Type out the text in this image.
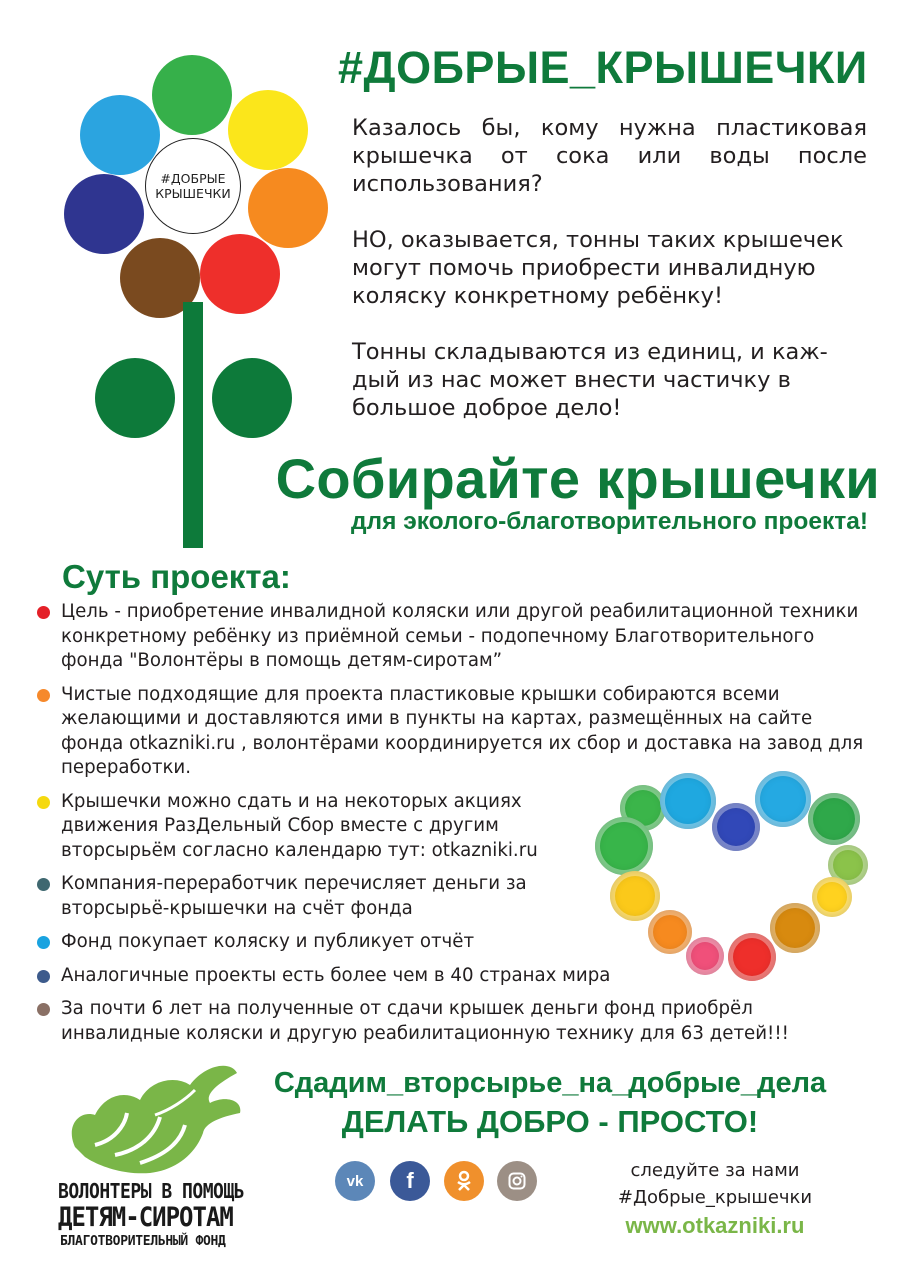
#ДОБРЫЕ
КРЫШЕЧКИ
#ДОБРЫЕ_КРЫШЕЧКИ

Казалось бы, кому нужна пластиковая крышечка от сока или воды после использования?

НО, оказывается, тонны таких крышечек могут помочь приобрести инвалидную коляску конкретному ребёнку!

Тонны складываются из единиц, и каж-дый из нас может внести частичку в большое доброе дело!

Собирайте крышечки
для эколого-благотворительного проекта!
Суть проекта:
Цель - приобретение инвалидной коляски или другой реабилитационной техники конкретному ребёнку из приёмной семьи - подопечному Благотворительного фонда "Волонтёры в помощь детям-сиротам”
Чистые подходящие для проекта пластиковые крышки собираются всеми желающими и доставляются ими в пункты на картах, размещённых на сайте фонда otkazniki.ru , волонтёрами координируется их сбор и доставка на завод для переработки.
Крышечки можно сдать и на некоторых акциях движения РазДельный Сбор вместе с другим вторсырьём согласно календарю тут: otkazniki.ru
Компания-переработчик перечисляет деньги за вторсырьё-крышечки на счёт фонда
Фонд покупает коляску и публикует отчёт
Аналогичные проекты есть более чем в 40 странах мира
За почти 6 лет на полученные от сдачи крышек деньги фонд приобрёл инвалидные коляски и другую реабилитационную технику для 63 детей!!!
ВОЛОНТЕРЫ В ПОМОЩЬ
ДЕТЯМ-СИРОТАМ
БЛАГОТВОРИТЕЛЬНЫЙ ФОНД
Сдадим_вторсырье_на_добрые_дела
ДЕЛАТЬ ДОБРО - ПРОСТО!
vk f	следуйте за нами
#Добрые_крышечки
www.otkazniki.ru
